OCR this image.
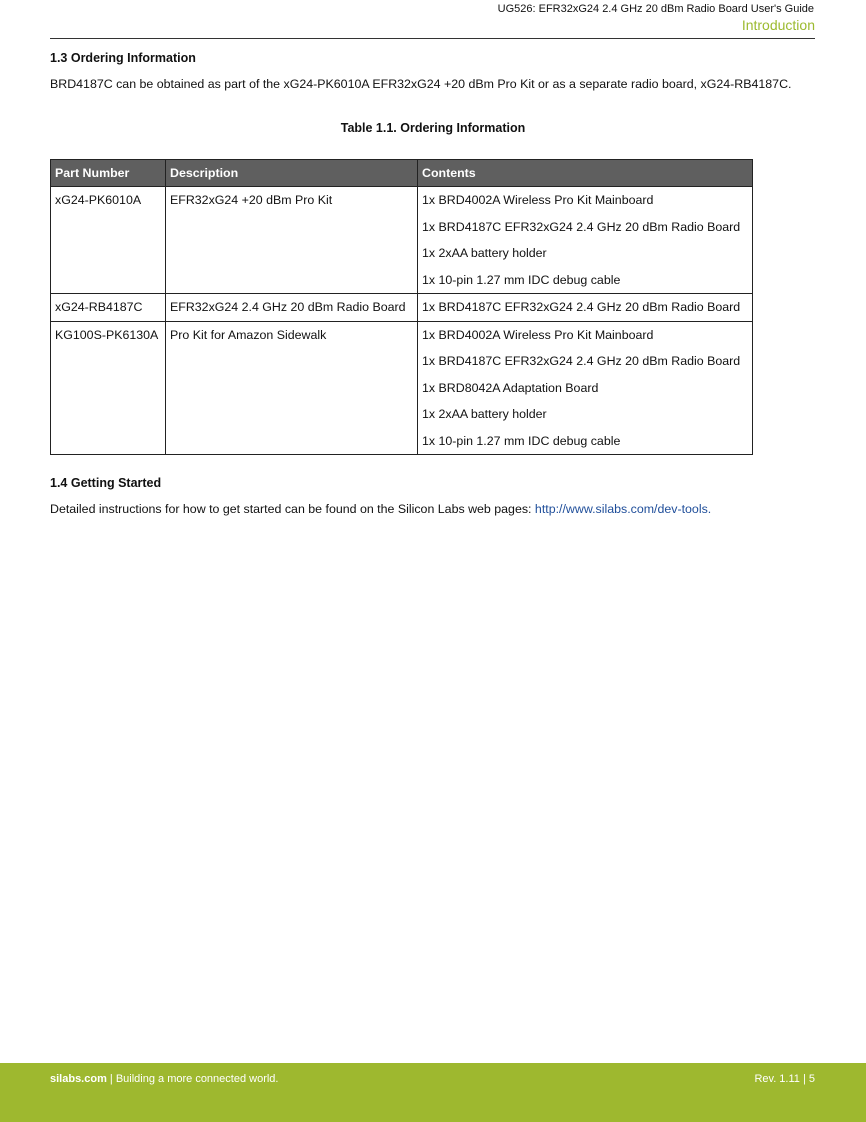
UG526: EFR32xG24 2.4 GHz 20 dBm Radio Board User's Guide
Introduction
1.3 Ordering Information
BRD4187C can be obtained as part of the xG24-PK6010A EFR32xG24 +20 dBm Pro Kit or as a separate radio board, xG24-RB4187C.
Table 1.1. Ordering Information
Part Number	Description	Contents
xG24-PK6010A	EFR32xG24 +20 dBm Pro Kit	1x BRD4002A Wireless Pro Kit Mainboard
1x BRD4187C EFR32xG24 2.4 GHz 20 dBm Radio Board
1x 2xAA battery holder
1x 10-pin 1.27 mm IDC debug cable

xG24-RB4187C	EFR32xG24 2.4 GHz 20 dBm Radio Board	1x BRD4187C EFR32xG24 2.4 GHz 20 dBm Radio Board

KG100S-PK6130A	Pro Kit for Amazon Sidewalk	1x BRD4002A Wireless Pro Kit Mainboard
1x BRD4187C EFR32xG24 2.4 GHz 20 dBm Radio Board
1x BRD8042A Adaptation Board
1x 2xAA battery holder
1x 10-pin 1.27 mm IDC debug cable
1.4 Getting Started
Detailed instructions for how to get started can be found on the Silicon Labs web pages: http://www.silabs.com/dev-tools.
silabs.com | Building a more connected world.	Rev. 1.11 | 5
